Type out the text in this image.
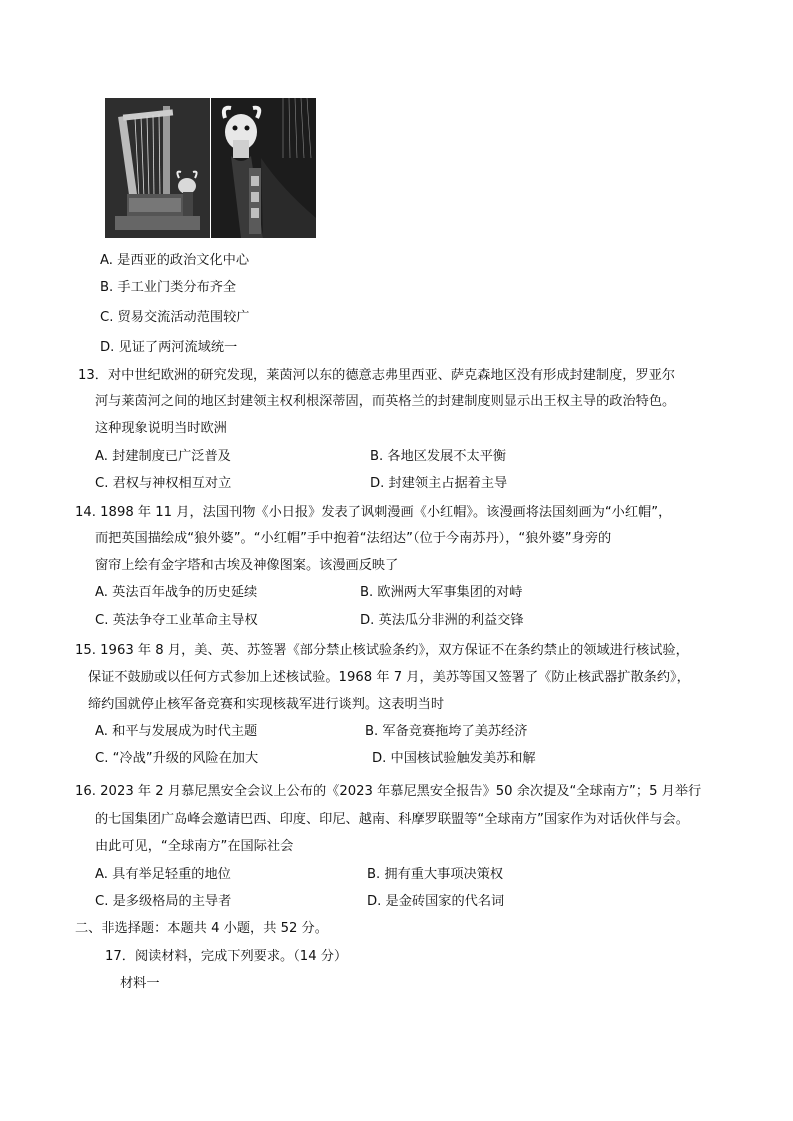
A. 是西亚的政治文化中心
B. 手工业门类分布齐全
C. 贸易交流活动范围较广
D. 见证了两河流域统一
13．对中世纪欧洲的研究发现，莱茵河以东的德意志弗里西亚、萨克森地区没有形成封建制度，罗亚尔
河与莱茵河之间的地区封建领主权利根深蒂固，而英格兰的封建制度则显示出王权主导的政治特色。
这种现象说明当时欧洲
A. 封建制度已广泛普及	B. 各地区发展不太平衡
C. 君权与神权相互对立	D. 封建领主占据着主导
14. 1898 年 11 月，法国刊物《小日报》发表了讽刺漫画《小红帽》。该漫画将法国刻画为“小红帽”，
而把英国描绘成“狼外婆”。“小红帽”手中抱着“法绍达”（位于今南苏丹），“狼外婆”身旁的
窗帘上绘有金字塔和古埃及神像图案。该漫画反映了
A. 英法百年战争的历史延续	B. 欧洲两大军事集团的对峙
C. 英法争夺工业革命主导权	D. 英法瓜分非洲的利益交锋
15. 1963 年 8 月，美、英、苏签署《部分禁止核试验条约》，双方保证不在条约禁止的领域进行核试验，
保证不鼓励或以任何方式参加上述核试验。1968 年 7 月，美苏等国又签署了《防止核武器扩散条约》，
缔约国就停止核军备竞赛和实现核裁军进行谈判。这表明当时
A. 和平与发展成为时代主题	B. 军备竞赛拖垮了美苏经济
C. “冷战”升级的风险在加大	D. 中国核试验触发美苏和解
16. 2023 年 2 月慕尼黑安全会议上公布的《2023 年慕尼黑安全报告》50 余次提及“全球南方”；5 月举行
的七国集团广岛峰会邀请巴西、印度、印尼、越南、科摩罗联盟等“全球南方”国家作为对话伙伴与会。
由此可见，“全球南方”在国际社会
A. 具有举足轻重的地位	B. 拥有重大事项决策权
C. 是多级格局的主导者	D. 是金砖国家的代名词
二、非选择题：本题共 4 小题，共 52 分。
17．阅读材料，完成下列要求。（14 分）
材料一
